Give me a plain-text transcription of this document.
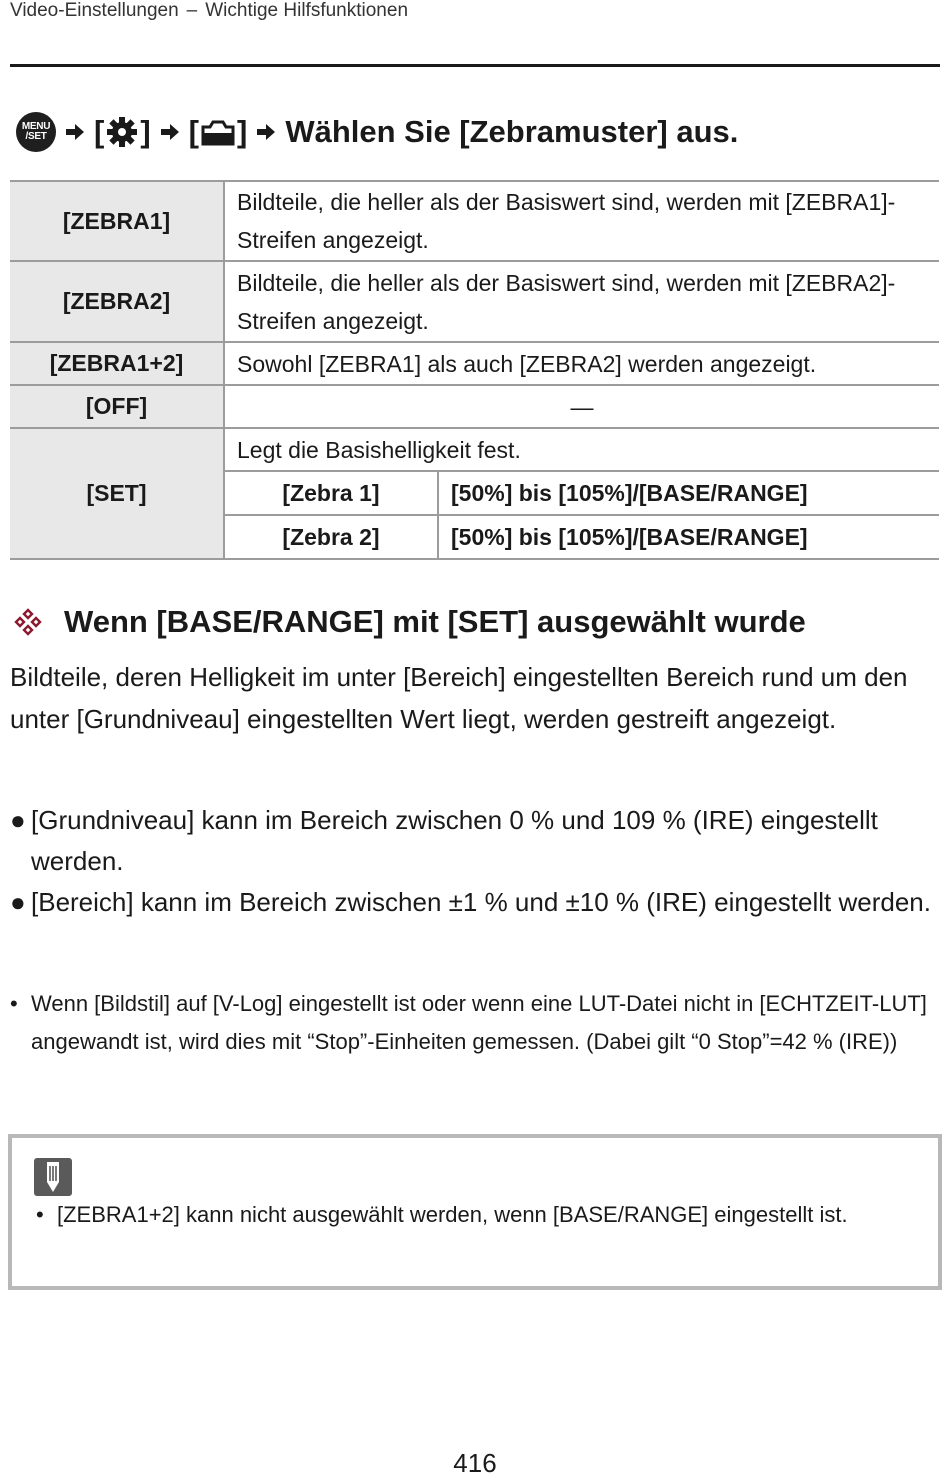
Video-Einstellungen – Wichtige Hilfsfunktionen
MENU
/SET [ ] [ ] Wählen Sie [Zebramuster] aus.
[ZEBRA1]	Bildteile, die heller als der Basiswert sind, werden mit [ZEBRA1]-Streifen angezeigt.	
[ZEBRA2]	Bildteile, die heller als der Basiswert sind, werden mit [ZEBRA2]-Streifen angezeigt.	
[ZEBRA1+2]	Sowohl [ZEBRA1] als auch [ZEBRA2] werden angezeigt.	
[OFF]	—	
[SET]	Legt die Basishelligkeit fest.	
	[Zebra 1]	[50%] bis [105%]/[BASE/RANGE]
	[Zebra 2]	[50%] bis [105%]/[BASE/RANGE]
Wenn [BASE/RANGE] mit [SET] ausgewählt wurde
Bildteile, deren Helligkeit im unter [Bereich] eingestellten Bereich rund um den unter [Grundniveau] eingestellten Wert liegt, werden gestreift angezeigt.
● [Grundniveau] kann im Bereich zwischen 0 % und 109 % (IRE) eingestellt werden.
● [Bereich] kann im Bereich zwischen ±1 % und ±10 % (IRE) eingestellt werden.
• Wenn [Bildstil] auf [V-Log] eingestellt ist oder wenn eine LUT-Datei nicht in [ECHTZEIT-LUT] angewandt ist, wird dies mit “Stop”-Einheiten gemessen. (Dabei gilt “0 Stop”=42 % (IRE))
• [ZEBRA1+2] kann nicht ausgewählt werden, wenn [BASE/RANGE] eingestellt ist.
416
